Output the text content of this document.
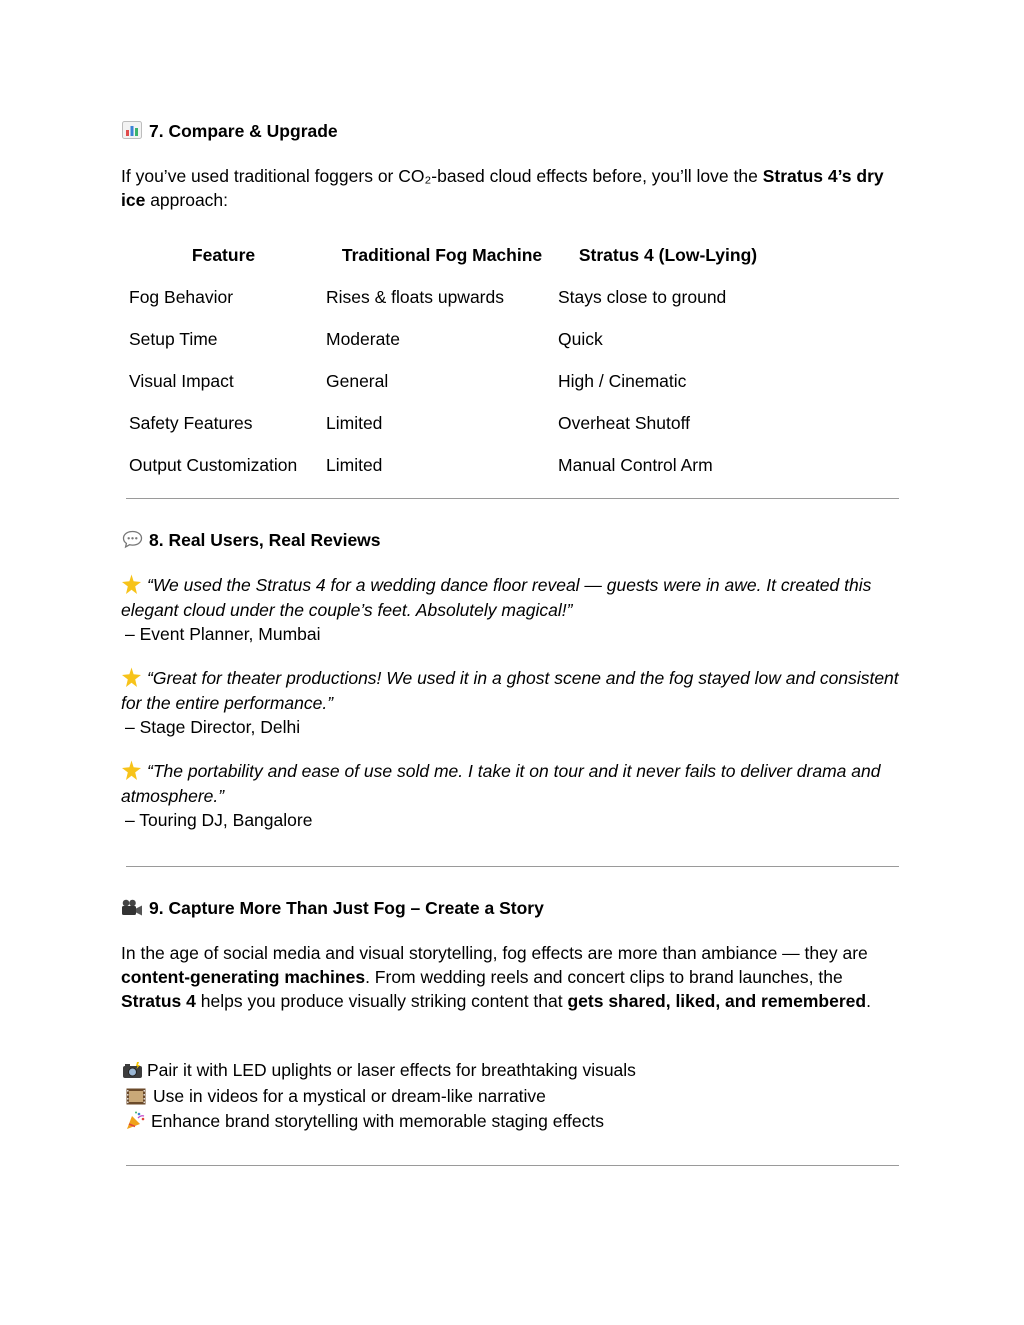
7. Compare & Upgrade
If you’ve used traditional foggers or CO₂-based cloud effects before, you’ll love the Stratus 4’s dry ice approach:
Feature	Traditional Fog Machine	Stratus 4 (Low-Lying)
Fog Behavior	Rises & floats upwards	Stays close to ground
Setup Time	Moderate	Quick
Visual Impact	General	High / Cinematic
Safety Features	Limited	Overheat Shutoff
Output Customization	Limited	Manual Control Arm
8. Real Users, Real Reviews
“We used the Stratus 4 for a wedding dance floor reveal — guests were in awe. It created this elegant cloud under the couple’s feet. Absolutely magical!”
– Event Planner, Mumbai
“Great for theater productions! We used it in a ghost scene and the fog stayed low and consistent for the entire performance.”
– Stage Director, Delhi
“The portability and ease of use sold me. I take it on tour and it never fails to deliver drama and atmosphere.”
– Touring DJ, Bangalore
9. Capture More Than Just Fog – Create a Story
In the age of social media and visual storytelling, fog effects are more than ambiance — they are content-generating machines. From wedding reels and concert clips to brand launches, the Stratus 4 helps you produce visually striking content that gets shared, liked, and remembered.
Pair it with LED uplights or laser effects for breathtaking visuals
Use in videos for a mystical or dream-like narrative
Enhance brand storytelling with memorable staging effects
